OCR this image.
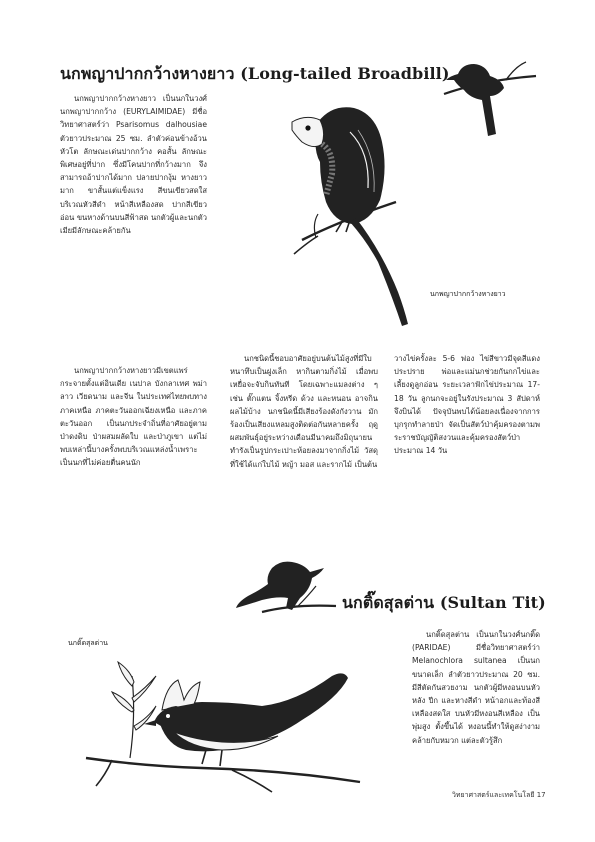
นกพญาปากกว้างหางยาว (Long-tailed Broadbill)

นกพญาปากกว้างหางยาว เป็นนกในวงศ์นกพญาปากกว้าง (EURYLAIMIDAE) มีชื่อวิทยาศาสตร์ว่า Psarisomus dalhousiae ตัวยาวประมาณ 25 ซม. ลำตัวค่อนข้างอ้วน หัวโต ลักษณะเด่นปากกว้าง คอสั้น ลักษณะพิเศษอยู่ที่ปาก ซึ่งมีโคนปากที่กว้างมาก จึงสามารถอ้าปากได้มาก ปลายปากงุ้ม หางยาวมาก ขาสั้นแต่แข็งแรง สีขนเขียวสดใส บริเวณหัวสีดำ หน้าสีเหลืองสด ปากสีเขียวอ่อน ขนหางด้านบนสีฟ้าสด นกตัวผู้และนกตัวเมียมีลักษณะคล้ายกัน

นกพญาปากกว้างหางยาว

นกพญาปากกว้างหางยาวมีเขตแพร่กระจายตั้งแต่อินเดีย เนปาล บังกลาเทศ พม่า ลาว เวียดนาม และจีน ในประเทศไทยพบทางภาคเหนือ ภาคตะวันออกเฉียงเหนือ และภาคตะวันออก เป็นนกประจำถิ่นที่อาศัยอยู่ตามป่าดงดิบ ป่าผสมผลัดใบ และป่าภูเขา แต่ไม่พบเหล่านี้บางครั้งพบบริเวณแหล่งน้ำเพราะเป็นนกที่ไม่ค่อยตื่นคนนัก

นกชนิดนี้ชอบอาศัยอยู่บนต้นไม้สูงที่มีใบหนาทึบเป็นฝูงเล็ก หากินตามกิ่งไม้ เมื่อพบเหยื่อจะจับกินทันที โดยเฉพาะแมลงต่าง ๆ เช่น ตั๊กแตน จิ้งหรีด ด้วง และหนอน อาจกินผลไม้บ้าง นกชนิดนี้มีเสียงร้องดังกังวาน มักร้องเป็นเสียงแหลมสูงติดต่อกันหลายครั้ง ฤดูผสมพันธุ์อยู่ระหว่างเดือนมีนาคมถึงมิถุนายน ทำรังเป็นรูปกระเปาะห้อยลงมาจากกิ่งไม้ วัสดุที่ใช้ได้แก่ใบไม้ หญ้า มอส และรากไม้ เป็นต้น

วางไข่ครั้งละ 5-6 ฟอง ไข่สีขาวมีจุดสีแดงประปราย พ่อและแม่นกช่วยกันกกไข่และเลี้ยงดูลูกอ่อน ระยะเวลาฟักไข่ประมาณ 17-18 วัน ลูกนกจะอยู่ในรังประมาณ 3 สัปดาห์จึงบินได้ ปัจจุบันพบได้น้อยลงเนื่องจากการบุกรุกทำลายป่า จัดเป็นสัตว์ป่าคุ้มครองตามพระราชบัญญัติสงวนและคุ้มครองสัตว์ป่า ประมาณ 14 วัน

นกติ๊ดสุลต่าน (Sultan Tit)
นกติ๊ดสุลต่าน

นกติ๊ดสุลต่าน เป็นนกในวงศ์นกติ๊ด (PARIDAE) มีชื่อวิทยาศาสตร์ว่า Melanochlora sultanea เป็นนกขนาดเล็ก ลำตัวยาวประมาณ 20 ซม. มีสีตัดกันสวยงาม นกตัวผู้มีหงอนบนหัว หลัง ปีก และหางสีดำ หน้าอกและท้องสีเหลืองสดใส บนหัวมีหงอนสีเหลือง เป็นพุ่มสูง ตั้งขึ้นได้ หงอนนี้ทำให้ดูสง่างามคล้ายกับหมวก แต่ละตัวรู้สึก

วิทยาศาสตร์และเทคโนโลยี 17
